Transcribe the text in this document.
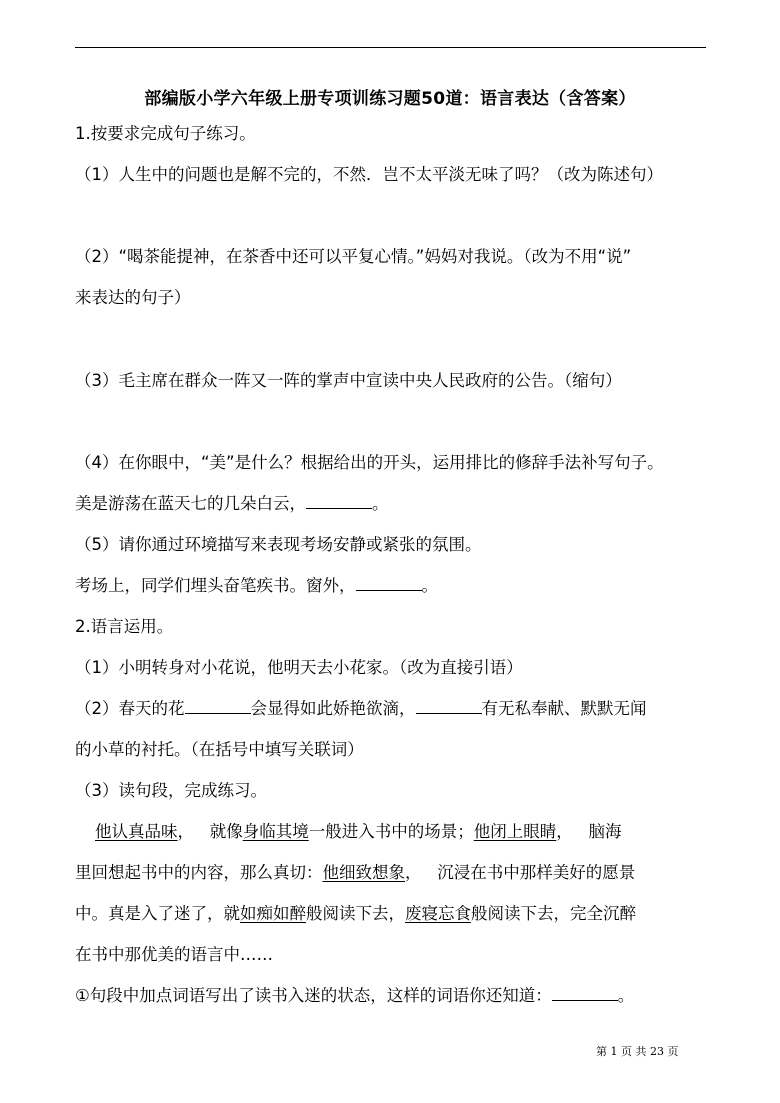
部编版小学六年级上册专项训练习题50道：语言表达（含答案）
1.按要求完成句子练习。
（1）人生中的问题也是解不完的，不然．岂不太平淡无味了吗？（改为陈述句）
（2）“喝茶能提神，在茶香中还可以平复心情。”妈妈对我说。（改为不用“说”
来表达的句子）
（3）毛主席在群众一阵又一阵的掌声中宣读中央人民政府的公告。（缩句）
（4）在你眼中，“美”是什么？根据给出的开头，运用排比的修辞手法补写句子。
美是游荡在蓝天七的几朵白云，	。
（5）请你通过环境描写来表现考场安静或紧张的氛围。
考场上，同学们埋头奋笔疾书。窗外，	。
2.语言运用。
（1）小明转身对小花说，他明天去小花家。（改为直接引语）
（2）春天的花	会显得如此娇艳欲滴，	有无私奉献、默默无闻
的小草的衬托。（在括号中填写关联词）
（3）读句段，完成练习。
他认真品味，   就像身临其境一般进入书中的场景；他闭上眼睛，   脑海
里回想起书中的内容，那么真切：他细致想象，   沉浸在书中那样美好的愿景
中。真是入了迷了，就如痴如醉般阅读下去，废寝忘食般阅读下去，完全沉醉
在书中那优美的语言中……
①句段中加点词语写出了读书入迷的状态，这样的词语你还知道：	。
第 1 页 共 23 页
